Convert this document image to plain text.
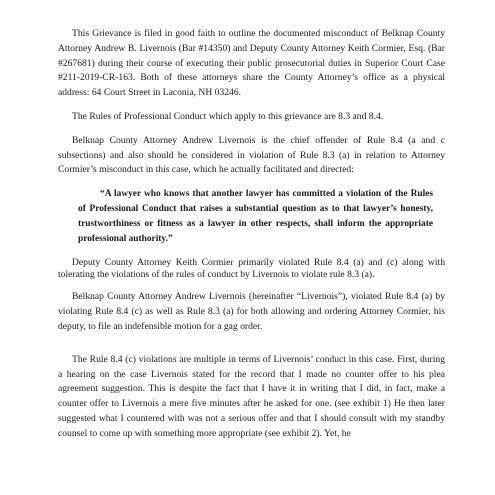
This Grievance is filed in good faith to outline the documented misconduct of Belknap County Attorney Andrew B. Livernois (Bar #14350) and Deputy County Attorney Keith Cormier, Esq. (Bar #267681) during their course of executing their public prosecutorial duties in Superior Court Case #211-2019-CR-163. Both of these attorneys share the County Attorney’s office as a physical address: 64 Court Street in Laconia, NH 03246.

The Rules of Professional Conduct which apply to this grievance are 8.3 and 8.4.

Belknap County Attorney Andrew Livernois is the chief offender of Rule 8.4 (a and c subsections) and also should be considered in violation of Rule 8.3 (a) in relation to Attorney Cormier’s misconduct in this case, which he actually facilitated and directed:

“A lawyer who knows that another lawyer has committed a violation of the Rules of Professional Conduct that raises a substantial question as to that lawyer’s honesty, trustworthiness or fitness as a lawyer in other respects, shall inform the appropriate professional authority.”

Deputy County Attorney Keith Cormier primarily violated Rule 8.4 (a) and (c) along with tolerating the violations of the rules of conduct by Livernois to violate rule 8.3 (a).

Belknap County Attorney Andrew Livernois (hereinafter “Livernois”), violated Rule 8.4 (a) by violating Rule 8.4 (c) as well as Rule 8.3 (a) for both allowing and ordering Attorney Cormier, his deputy, to file an indefensible motion for a gag order.

The Rule 8.4 (c) violations are multiple in terms of Livernois’ conduct in this case. First, during a hearing on the case Livernois stated for the record that I made no counter offer to his plea agreement suggestion. This is despite the fact that I have it in writing that I did, in fact, make a counter offer to Livernois a mere five minutes after he asked for one. (see exhibit 1) He then later suggested what I countered with was not a serious offer and that I should consult with my standby counsel to come up with something more appropriate (see exhibit 2). Yet, he
